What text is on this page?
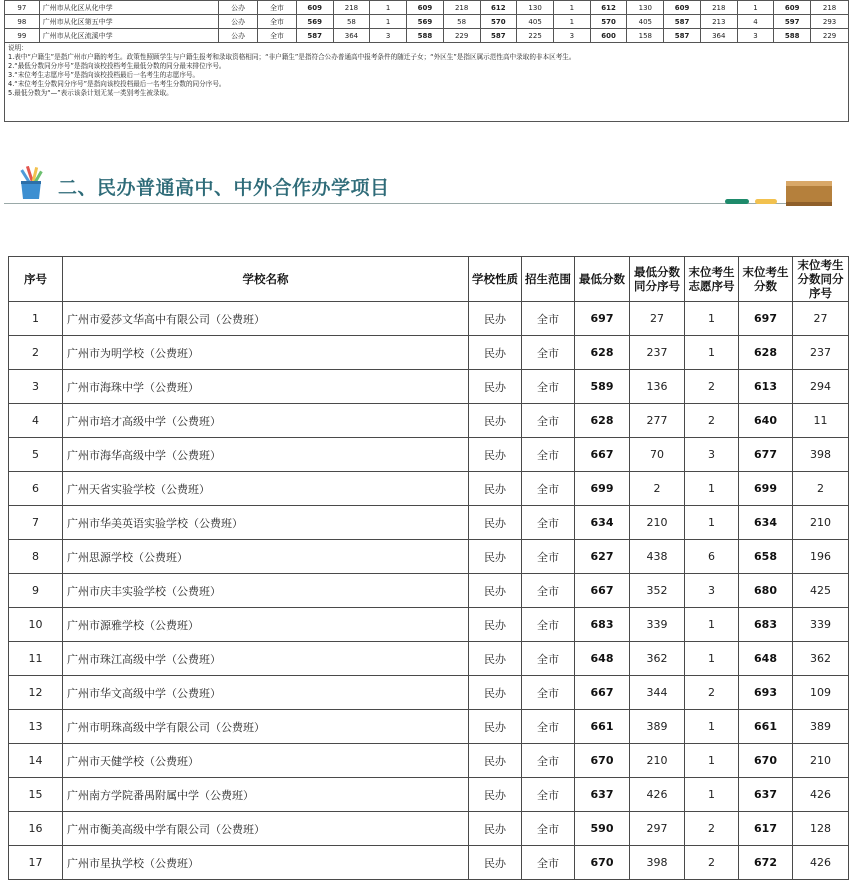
97	广州市从化区从化中学	公办	全市	609	218	1	609	218	612	130	1	612	130	609	218	1	609	218
98	广州市从化区第五中学	公办	全市	569	58	1	569	58	570	405	1	570	405	587	213	4	597	293
99	广州市从化区流溪中学	公办	全市	587	364	3	588	229	587	225	3	600	158	587	364	3	588	229
说明：
1.表中“户籍生”是指广州市户籍的考生。政策性照顾学生与户籍生报考和录取资格相同；“非户籍生”是指符合公办普通高中报考条件的随迁子女；“外区生”是指区属示范性高中录取的非本区考生。
2.“最低分数同分序号”是指向该校投档考生最低分数的同分最末排位序号。
3.“末位考生志愿序号”是指向该校投档最后一名考生的志愿序号。
4.“末位考生分数同分序号”是指向该校投档最后一名考生分数的同分序号。
5.最低分数为“—”表示该条计划无某一类别考生被录取。
二、民办普通高中、中外合作办学项目
序号	学校名称	学校性质	招生范围	最低分数	最低分数同分序号	末位考生志愿序号	末位考生分数	末位考生分数同分序号
1	广州市爱莎文华高中有限公司（公费班）	民办	全市	697	27	1	697	27
2	广州市为明学校（公费班）	民办	全市	628	237	1	628	237
3	广州市海珠中学（公费班）	民办	全市	589	136	2	613	294
4	广州市培才高级中学（公费班）	民办	全市	628	277	2	640	11
5	广州市海华高级中学（公费班）	民办	全市	667	70	3	677	398
6	广州天省实验学校（公费班）	民办	全市	699	2	1	699	2
7	广州市华美英语实验学校（公费班）	民办	全市	634	210	1	634	210
8	广州思源学校（公费班）	民办	全市	627	438	6	658	196
9	广州市庆丰实验学校（公费班）	民办	全市	667	352	3	680	425
10	广州市源雅学校（公费班）	民办	全市	683	339	1	683	339
11	广州市珠江高级中学（公费班）	民办	全市	648	362	1	648	362
12	广州市华文高级中学（公费班）	民办	全市	667	344	2	693	109
13	广州市明珠高级中学有限公司（公费班）	民办	全市	661	389	1	661	389
14	广州市天健学校（公费班）	民办	全市	670	210	1	670	210
15	广州南方学院番禺附属中学（公费班）	民办	全市	637	426	1	637	426
16	广州市衡美高级中学有限公司（公费班）	民办	全市	590	297	2	617	128
17	广州市星执学校（公费班）	民办	全市	670	398	2	672	426
